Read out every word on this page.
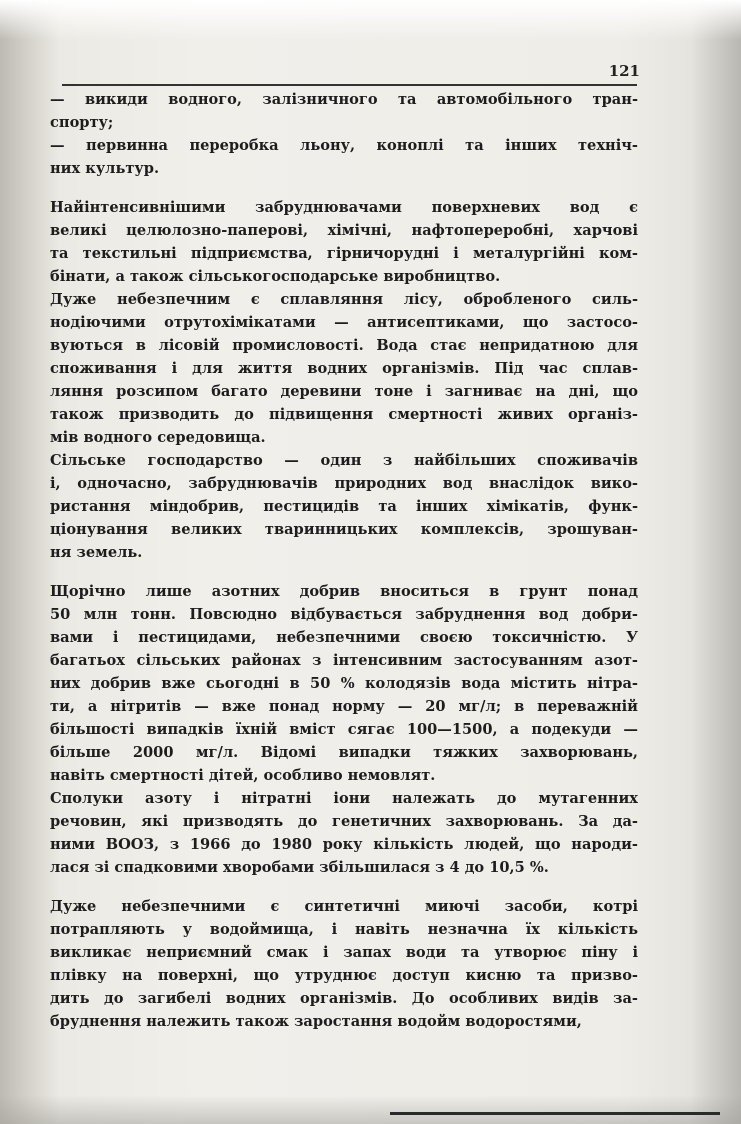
121
— викиди водного, залізничного та автомобільного тран-
спорту;
— первинна переробка льону, коноплі та інших техніч-
них культур.
Найінтенсивнішими забруднювачами поверхневих вод є
великі целюлозно-паперові, хімічні, нафтопереробні, харчові
та текстильні підприємства, гірничорудні і металургійні ком-
бінати, а також сільськогосподарське виробництво.
Дуже небезпечним є сплавляння лісу, обробленого силь-
нодіючими отрутохімікатами — антисептиками, що застосо-
вуються в лісовій промисловості. Вода стає непридатною для
споживання і для життя водних організмів. Під час сплав-
ляння розсипом багато деревини тоне і загниває на дні, що
також призводить до підвищення смертності живих організ-
мів водного середовища.
Сільське господарство — один з найбільших споживачів
і, одночасно, забруднювачів природних вод внаслідок вико-
ристання міндобрив, пестицидів та інших хімікатів, функ-
ціонування великих тваринницьких комплексів, зрошуван-
ня земель.
Щорічно лише азотних добрив вноситься в грунт понад
50 млн тонн. Повсюдно відбувається забруднення вод добри-
вами і пестицидами, небезпечними своєю токсичністю. У
багатьох сільських районах з інтенсивним застосуванням азот-
них добрив вже сьогодні в 50 % колодязів вода містить нітра-
ти, а нітритів — вже понад норму — 20 мг/л; в переважній
більшості випадків їхній вміст сягає 100—1500, а подекуди —
більше 2000 мг/л. Відомі випадки тяжких захворювань,
навіть смертності дітей, особливо немовлят.
Сполуки азоту і нітратні іони належать до мутагенних
речовин, які призводять до генетичних захворювань. За да-
ними ВООЗ, з 1966 до 1980 року кількість людей, що народи-
лася зі спадковими хворобами збільшилася з 4 до 10,5 %.
Дуже небезпечними є синтетичні миючі засоби, котрі
потрапляють у водоймища, і навіть незначна їх кількість
викликає неприємний смак і запах води та утворює піну і
плівку на поверхні, що утруднює доступ кисню та призво-
дить до загибелі водних організмів. До особливих видів за-
бруднення належить також заростання водойм водоростями,
